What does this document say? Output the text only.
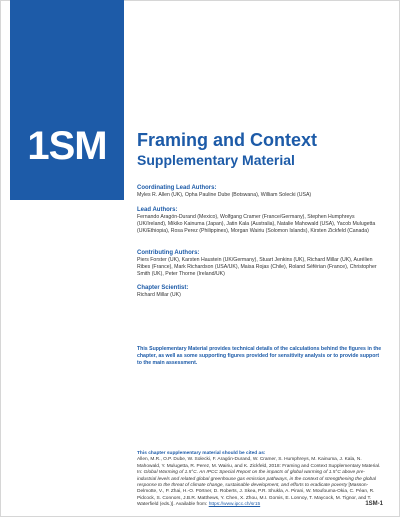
1SM	Framing and Context
Supplementary Material
Coordinating Lead Authors:
Myles R. Allen (UK), Opha Pauline Dube (Botswana), William Solecki (USA)
Lead Authors:
Fernando Aragón-Durand (Mexico), Wolfgang Cramer (France/Germany), Stephen Humphreys (UK/Ireland), Mikiko Kainuma (Japan), Jatin Kala (Australia), Natalie Mahowald (USA), Yacob Mulugetta (UK/Ethiopia), Rosa Perez (Philippines), Morgan Wairiu (Solomon Islands), Kirsten Zickfeld (Canada)
Contributing Authors:
Piers Forster (UK), Karsten Haustein (UK/Germany), Stuart Jenkins (UK), Richard Millar (UK), Aurélien Ribes (France), Mark Richardson (USA/UK), Maisa Rojas (Chile), Roland Séférian (France), Christopher Smith (UK), Peter Thorne (Ireland/UK)
Chapter Scientist:
Richard Millar (UK)
This Supplementary Material provides technical details of the calculations behind the figures in the chapter, as well as some supporting figures provided for sensitivity analysis or to provide support to the main assessment.
This chapter supplementary material should be cited as:
Allen, M.R., O.P. Dube, W. Solecki, F. Aragón-Durand, W. Cramer, S. Humphreys, M. Kainuma, J. Kala, N. Mahowald, Y. Mulugetta, R. Perez, M. Wairiu, and K. Zickfeld, 2018: Framing and Context Supplementary Material. In: Global Warming of 1.5°C. An IPCC Special Report on the impacts of global warming of 1.5°C above pre-industrial levels and related global greenhouse gas emission pathways, in the context of strengthening the global response to the threat of climate change, sustainable development, and efforts to eradicate poverty [Masson-Delmotte, V., P. Zhai, H.-O. Pörtner, D. Roberts, J. Skea, P.R. Shukla, A. Pirani, W. Moufouma-Okia, C. Péan, R. Pidcock, S. Connors, J.B.R. Matthews, Y. Chen, X. Zhou, M.I. Gomis, E. Lonnoy, T. Maycock, M. Tignor, and T. Waterfield (eds.)]. Available from: https://www.ipcc.ch/sr15	1SM-1
